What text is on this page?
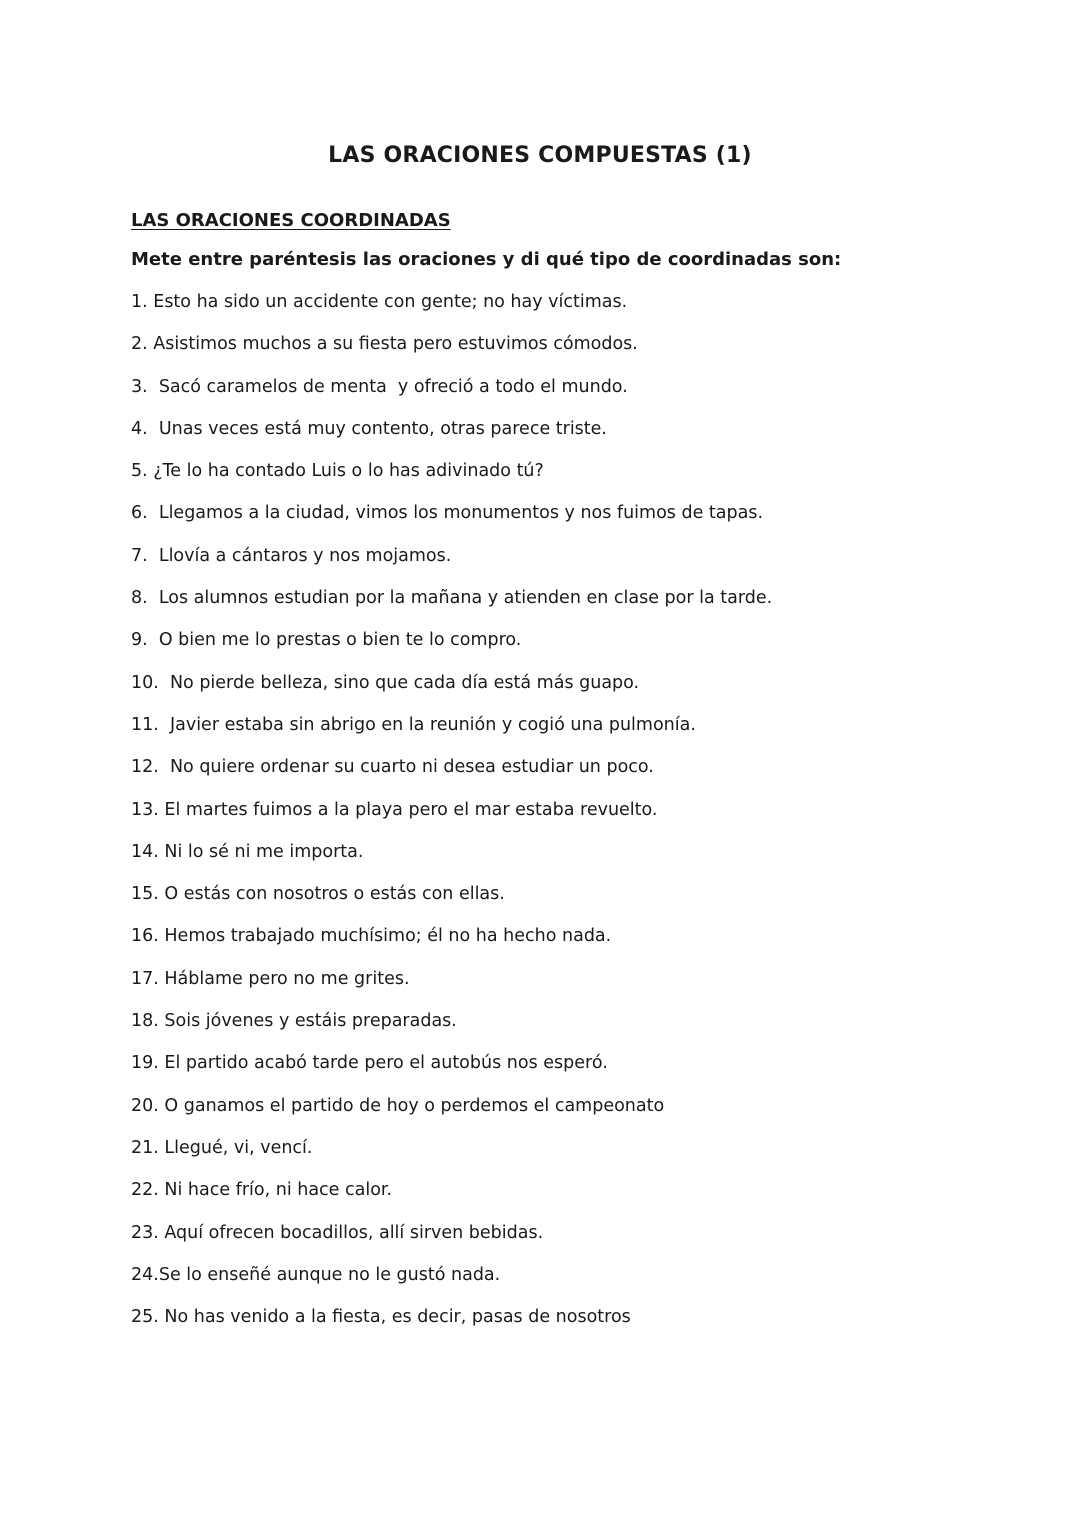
LAS ORACIONES COMPUESTAS (1)
LAS ORACIONES COORDINADAS
Mete entre paréntesis las oraciones y di qué tipo de coordinadas son:
1. Esto ha sido un accidente con gente; no hay víctimas.
2. Asistimos muchos a su fiesta pero estuvimos cómodos.
3.  Sacó caramelos de menta  y ofreció a todo el mundo.
4.  Unas veces está muy contento, otras parece triste.
5. ¿Te lo ha contado Luis o lo has adivinado tú?
6.  Llegamos a la ciudad, vimos los monumentos y nos fuimos de tapas.
7.  Llovía a cántaros y nos mojamos.
8.  Los alumnos estudian por la mañana y atienden en clase por la tarde.
9.  O bien me lo prestas o bien te lo compro.
10.  No pierde belleza, sino que cada día está más guapo.
11.  Javier estaba sin abrigo en la reunión y cogió una pulmonía.
12.  No quiere ordenar su cuarto ni desea estudiar un poco.
13. El martes fuimos a la playa pero el mar estaba revuelto.
14. Ni lo sé ni me importa.
15. O estás con nosotros o estás con ellas.
16. Hemos trabajado muchísimo; él no ha hecho nada.
17. Háblame pero no me grites.
18. Sois jóvenes y estáis preparadas.
19. El partido acabó tarde pero el autobús nos esperó.
20. O ganamos el partido de hoy o perdemos el campeonato
21. Llegué, vi, vencí.
22. Ni hace frío, ni hace calor.
23. Aquí ofrecen bocadillos, allí sirven bebidas.
24.Se lo enseñé aunque no le gustó nada.
25. No has venido a la fiesta, es decir, pasas de nosotros
